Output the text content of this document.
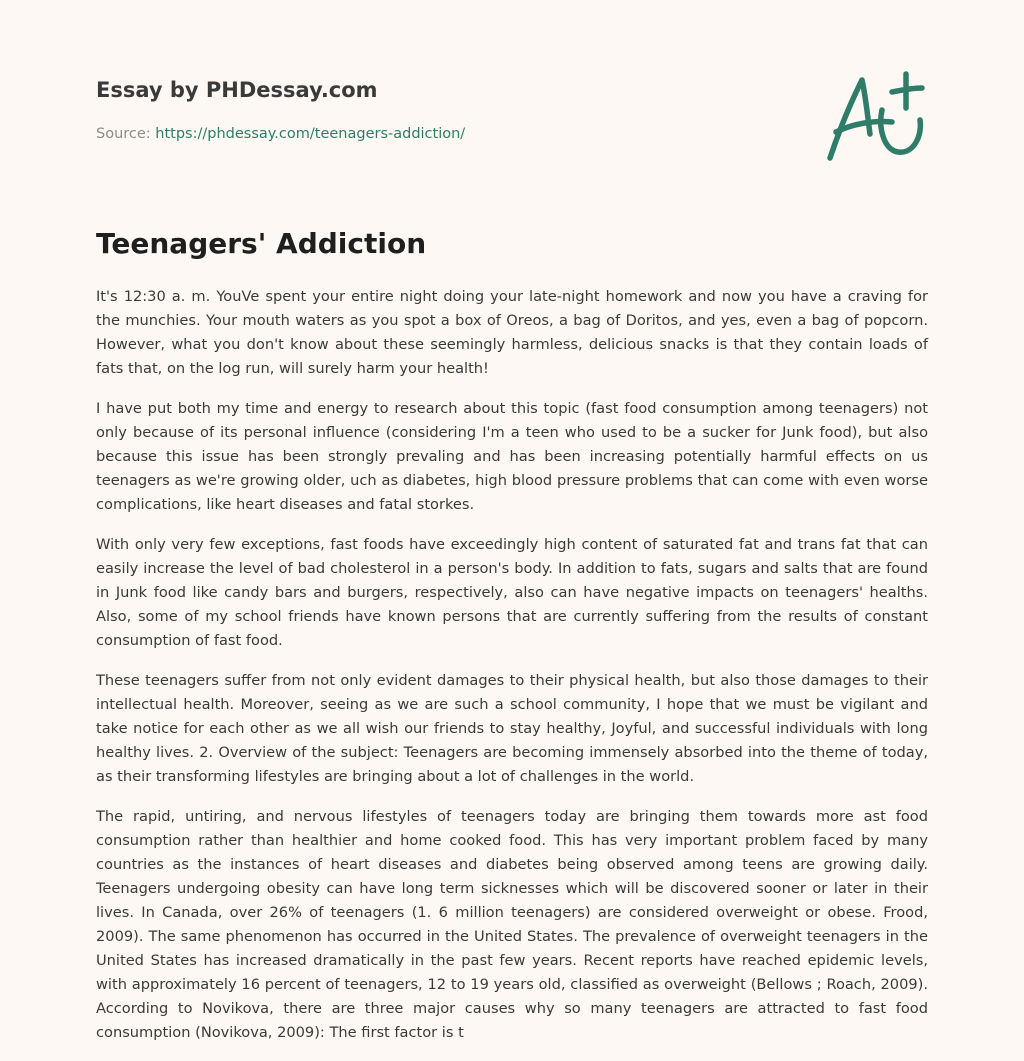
Essay by PHDessay.com
Source: https://phdessay.com/teenagers-addiction/
Teenagers' Addiction

It's 12:30 a. m. YouVe spent your entire night doing your late-night homework and now you have a craving for the munchies. Your mouth waters as you spot a box of Oreos, a bag of Doritos, and yes, even a bag of popcorn. However, what you don't know about these seemingly harmless, delicious snacks is that they contain loads of fats that, on the log run, will surely harm your health!

I have put both my time and energy to research about this topic (fast food consumption among teenagers) not only because of its personal influence (considering I'm a teen who used to be a sucker for Junk food), but also because this issue has been strongly prevaling and has been increasing potentially harmful effects on us teenagers as we're growing older, uch as diabetes, high blood pressure problems that can come with even worse complications, like heart diseases and fatal storkes.

With only very few exceptions, fast foods have exceedingly high content of saturated fat and trans fat that can easily increase the level of bad cholesterol in a person's body. In addition to fats, sugars and salts that are found in Junk food like candy bars and burgers, respectively, also can have negative impacts on teenagers' healths. Also, some of my school friends have known persons that are currently suffering from the results of constant consumption of fast food.

These teenagers suffer from not only evident damages to their physical health, but also those damages to their intellectual health. Moreover, seeing as we are such a school community, I hope that we must be vigilant and take notice for each other as we all wish our friends to stay healthy, Joyful, and successful individuals with long healthy lives. 2. Overview of the subject: Teenagers are becoming immensely absorbed into the theme of today, as their transforming lifestyles are bringing about a lot of challenges in the world.

The rapid, untiring, and nervous lifestyles of teenagers today are bringing them towards more ast food consumption rather than healthier and home cooked food. This has very important problem faced by many countries as the instances of heart diseases and diabetes being observed among teens are growing daily. Teenagers undergoing obesity can have long term sicknesses which will be discovered sooner or later in their lives. In Canada, over 26% of teenagers (1. 6 million teenagers) are considered overweight or obese. Frood, 2009). The same phenomenon has occurred in the United States. The prevalence of overweight teenagers in the United States has increased dramatically in the past few years. Recent reports have reached epidemic levels, with approximately 16 percent of teenagers, 12 to 19 years old, classified as overweight (Bellows ; Roach, 2009). According to Novikova, there are three major causes why so many teenagers are attracted to fast food consumption (Novikova, 2009): The first factor is t
